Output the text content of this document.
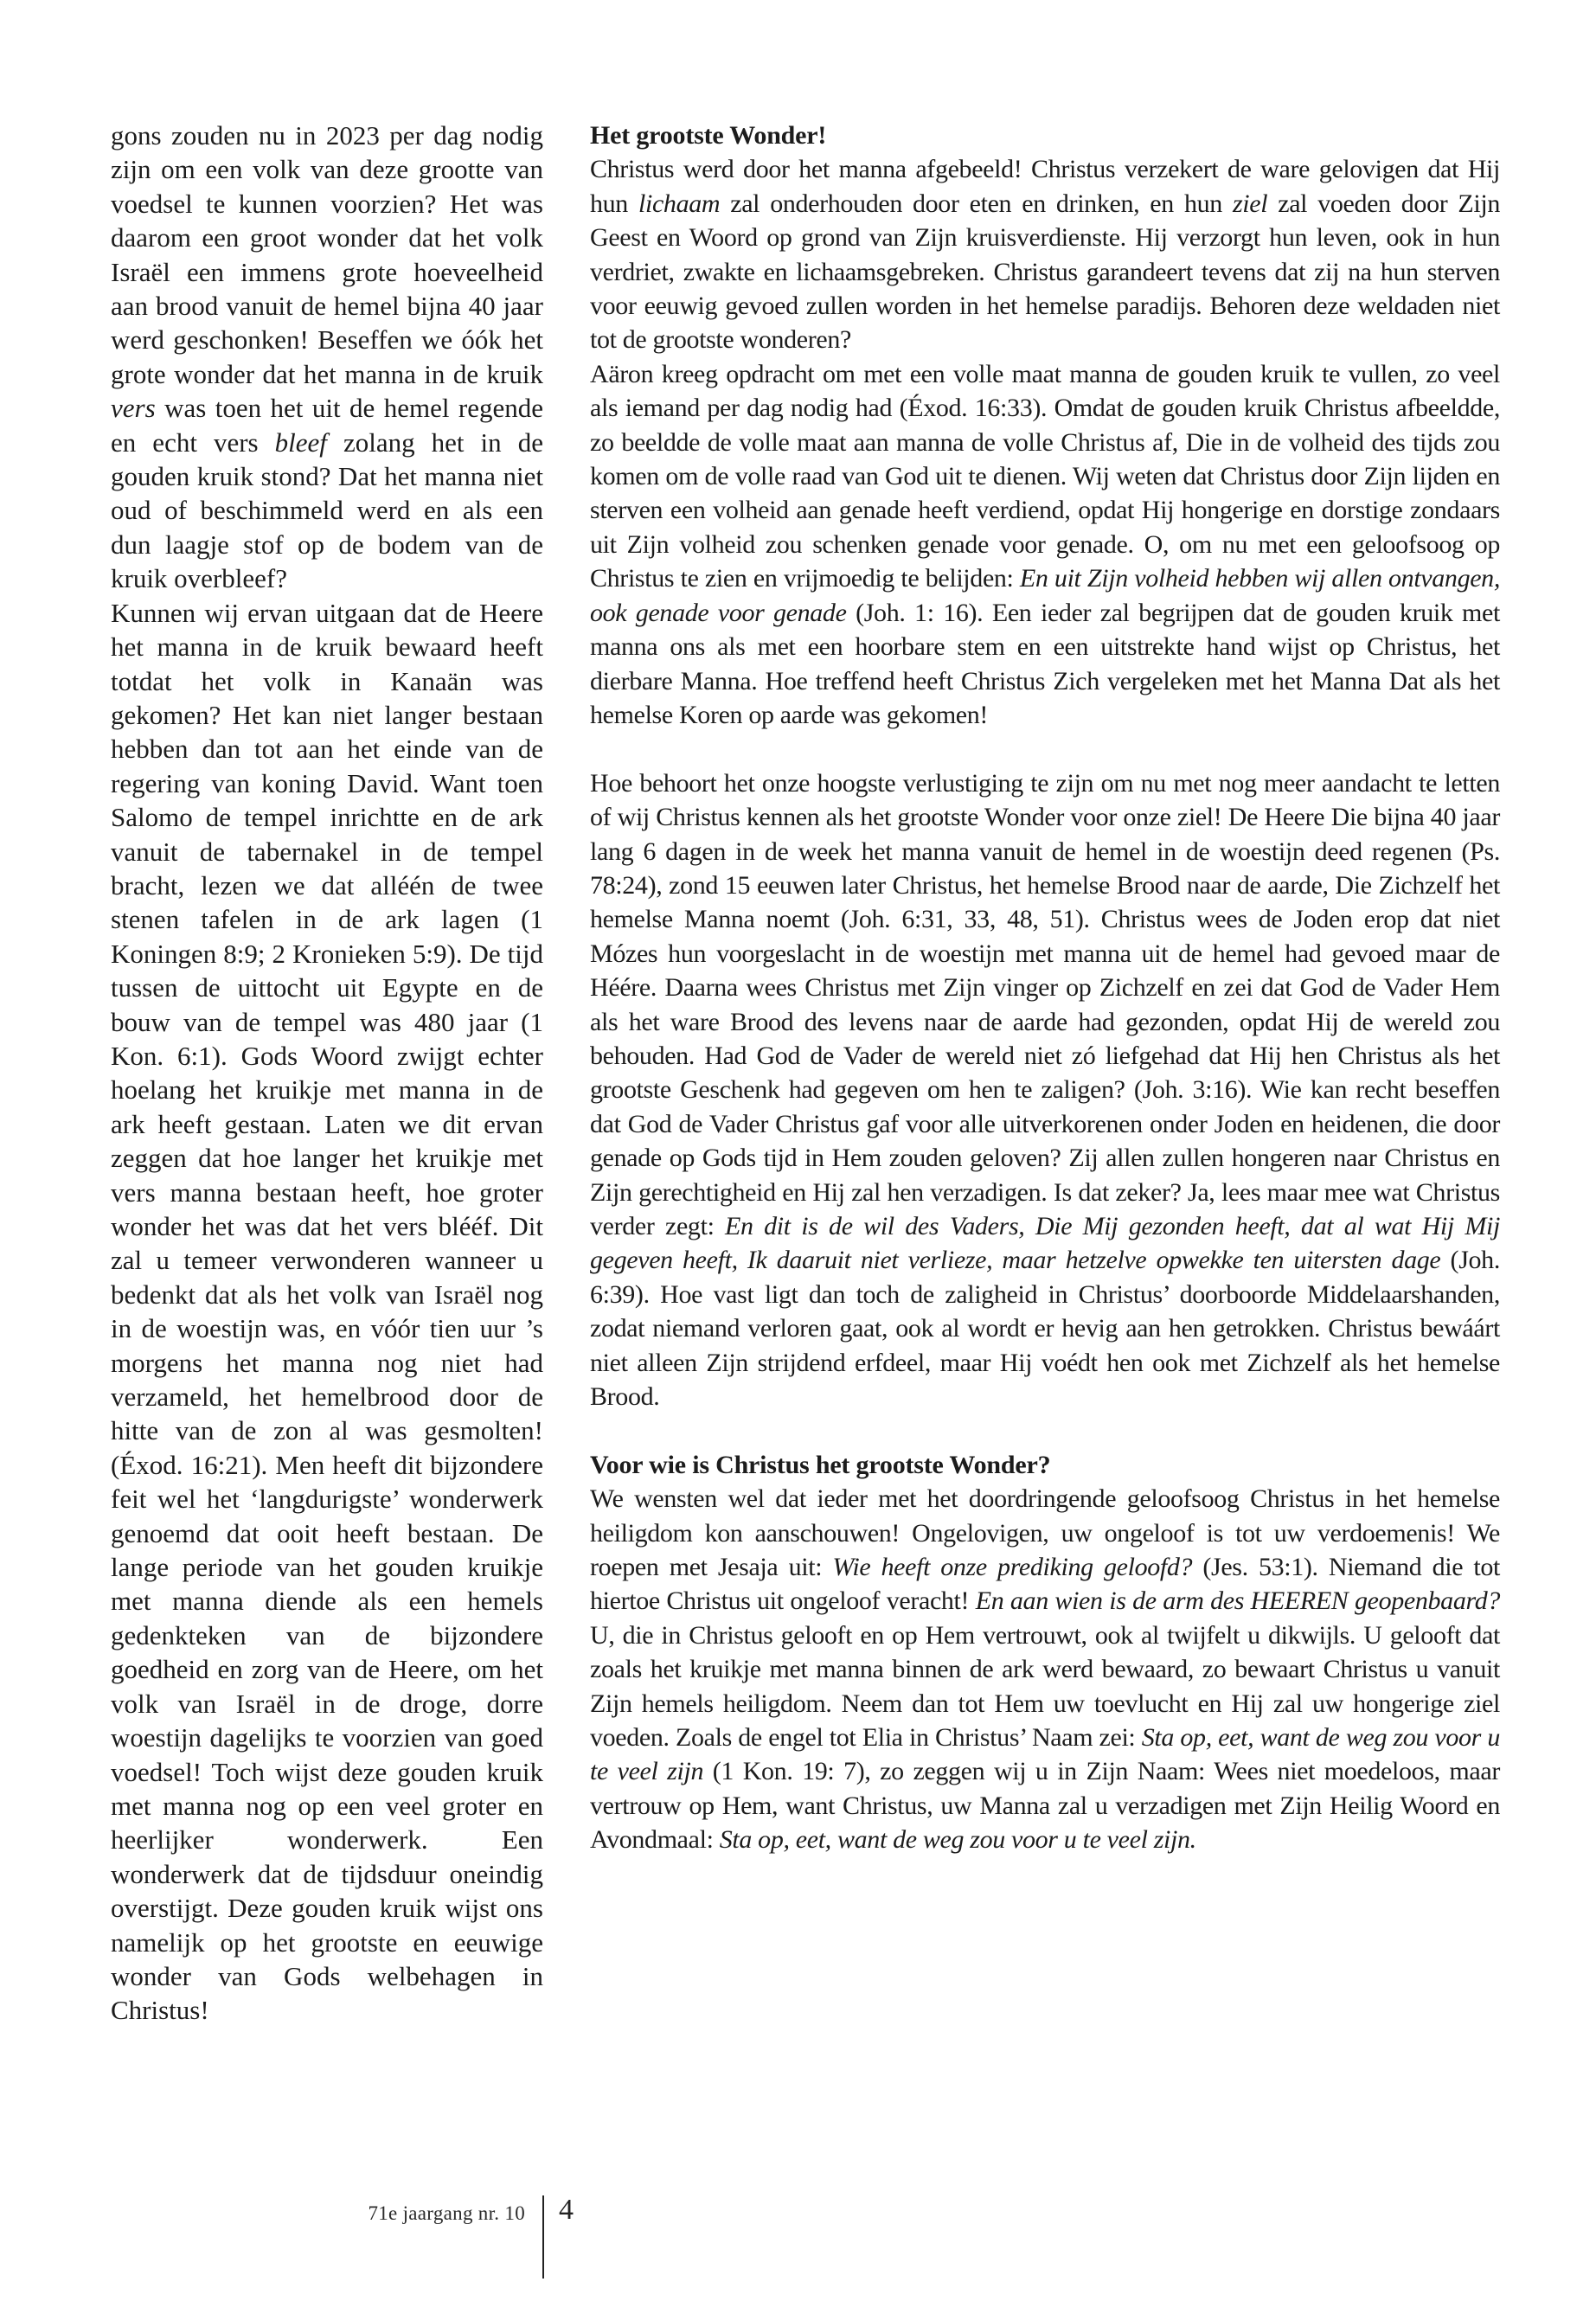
gons zouden nu in 2023 per dag nodig zijn om een volk van deze grootte van voedsel te kunnen voorzien? Het was daarom een groot wonder dat het volk Israël een immens grote hoeveelheid aan brood vanuit de hemel bijna 40 jaar werd geschonken! Beseffen we óók het grote wonder dat het manna in de kruik vers was toen het uit de hemel regende en echt vers bleef zolang het in de gouden kruik stond? Dat het manna niet oud of beschimmeld werd en als een dun laagje stof op de bodem van de kruik overbleef?

Kunnen wij ervan uitgaan dat de Heere het manna in de kruik bewaard heeft totdat het volk in Kanaän was gekomen? Het kan niet langer bestaan hebben dan tot aan het einde van de regering van koning David. Want toen Salomo de tempel inrichtte en de ark vanuit de tabernakel in de tempel bracht, lezen we dat alléén de twee stenen tafelen in de ark lagen (1 Koningen 8:9; 2 Kronieken 5:9). De tijd tussen de uittocht uit Egypte en de bouw van de tempel was 480 jaar (1 Kon. 6:1). Gods Woord zwijgt echter hoelang het kruikje met manna in de ark heeft gestaan. Laten we dit ervan zeggen dat hoe langer het kruikje met vers manna bestaan heeft, hoe groter wonder het was dat het vers blééf. Dit zal u temeer verwonderen wanneer u bedenkt dat als het volk van Israël nog in de woestijn was, en vóór tien uur ’s morgens het manna nog niet had verzameld, het hemelbrood door de hitte van de zon al was gesmolten! (Éxod. 16:21). Men heeft dit bijzondere feit wel het ‘langdurigste’ wonderwerk genoemd dat ooit heeft bestaan. De lange periode van het gouden kruikje met manna diende als een hemels gedenkteken van de bijzondere goedheid en zorg van de Heere, om het volk van Israël in de droge, dorre woestijn dagelijks te voorzien van goed voedsel! Toch wijst deze gouden kruik met manna nog op een veel groter en heerlijker wonderwerk. Een wonderwerk dat de tijdsduur oneindig overstijgt. Deze gouden kruik wijst ons namelijk op het grootste en eeuwige wonder van Gods welbehagen in Christus!

Het grootste Wonder!

Christus werd door het manna afgebeeld! Christus verzekert de ware gelovigen dat Hij hun lichaam zal onderhouden door eten en drinken, en hun ziel zal voeden door Zijn Geest en Woord op grond van Zijn kruisverdienste. Hij verzorgt hun leven, ook in hun verdriet, zwakte en lichaamsgebreken. Christus garandeert tevens dat zij na hun sterven voor eeuwig gevoed zullen worden in het hemelse paradijs. Behoren deze weldaden niet tot de grootste wonderen?

Aäron kreeg opdracht om met een volle maat manna de gouden kruik te vullen, zo veel als iemand per dag nodig had (Éxod. 16:33). Omdat de gouden kruik Christus afbeeldde, zo beeldde de volle maat aan manna de volle Christus af, Die in de volheid des tijds zou komen om de volle raad van God uit te dienen. Wij weten dat Christus door Zijn lijden en sterven een volheid aan genade heeft verdiend, opdat Hij hongerige en dorstige zondaars uit Zijn volheid zou schenken genade voor genade. O, om nu met een geloofsoog op Christus te zien en vrijmoedig te belijden: En uit Zijn volheid hebben wij allen ontvangen, ook genade voor genade (Joh. 1: 16). Een ieder zal begrijpen dat de gouden kruik met manna ons als met een hoorbare stem en een uitstrekte hand wijst op Christus, het dierbare Manna. Hoe treffend heeft Christus Zich vergeleken met het Manna Dat als het hemelse Koren op aarde was gekomen!

Hoe behoort het onze hoogste verlustiging te zijn om nu met nog meer aandacht te letten of wij Christus kennen als het grootste Wonder voor onze ziel! De Heere Die bijna 40 jaar lang 6 dagen in de week het manna vanuit de hemel in de woestijn deed regenen (Ps. 78:24), zond 15 eeuwen later Christus, het hemelse Brood naar de aarde, Die Zichzelf het hemelse Manna noemt (Joh. 6:31, 33, 48, 51). Christus wees de Joden erop dat niet Mózes hun voorgeslacht in de woestijn met manna uit de hemel had gevoed maar de Héére. Daarna wees Christus met Zijn vinger op Zichzelf en zei dat God de Vader Hem als het ware Brood des levens naar de aarde had gezonden, opdat Hij de wereld zou behouden. Had God de Vader de wereld niet zó liefgehad dat Hij hen Christus als het grootste Geschenk had gegeven om hen te zaligen? (Joh. 3:16). Wie kan recht beseffen dat God de Vader Christus gaf voor alle uitverkorenen onder Joden en heidenen, die door genade op Gods tijd in Hem zouden geloven? Zij allen zullen hongeren naar Christus en Zijn gerechtigheid en Hij zal hen verzadigen. Is dat zeker? Ja, lees maar mee wat Christus verder zegt: En dit is de wil des Vaders, Die Mij gezonden heeft, dat al wat Hij Mij gegeven heeft, Ik daaruit niet verlieze, maar hetzelve opwekke ten uitersten dage (Joh. 6:39). Hoe vast ligt dan toch de zaligheid in Christus’ doorboorde Middelaarshanden, zodat niemand verloren gaat, ook al wordt er hevig aan hen getrokken. Christus bewáárt niet alleen Zijn strijdend erfdeel, maar Hij voédt hen ook met Zichzelf als het hemelse Brood.

Voor wie is Christus het grootste Wonder?

We wensten wel dat ieder met het doordringende geloofsoog Christus in het hemelse heiligdom kon aanschouwen! Ongelovigen, uw ongeloof is tot uw verdoemenis! We roepen met Jesaja uit: Wie heeft onze prediking geloofd? (Jes. 53:1). Niemand die tot hiertoe Christus uit ongeloof veracht! En aan wien is de arm des HEEREN geopenbaard? U, die in Christus gelooft en op Hem vertrouwt, ook al twijfelt u dikwijls. U gelooft dat zoals het kruikje met manna binnen de ark werd bewaard, zo bewaart Christus u vanuit Zijn hemels heiligdom. Neem dan tot Hem uw toevlucht en Hij zal uw hongerige ziel voeden. Zoals de engel tot Elia in Christus’ Naam zei: Sta op, eet, want de weg zou voor u te veel zijn (1 Kon. 19: 7), zo zeggen wij u in Zijn Naam: Wees niet moedeloos, maar vertrouw op Hem, want Christus, uw Manna zal u verzadigen met Zijn Heilig Woord en Avondmaal: Sta op, eet, want de weg zou voor u te veel zijn.

71e jaargang nr. 10 4
